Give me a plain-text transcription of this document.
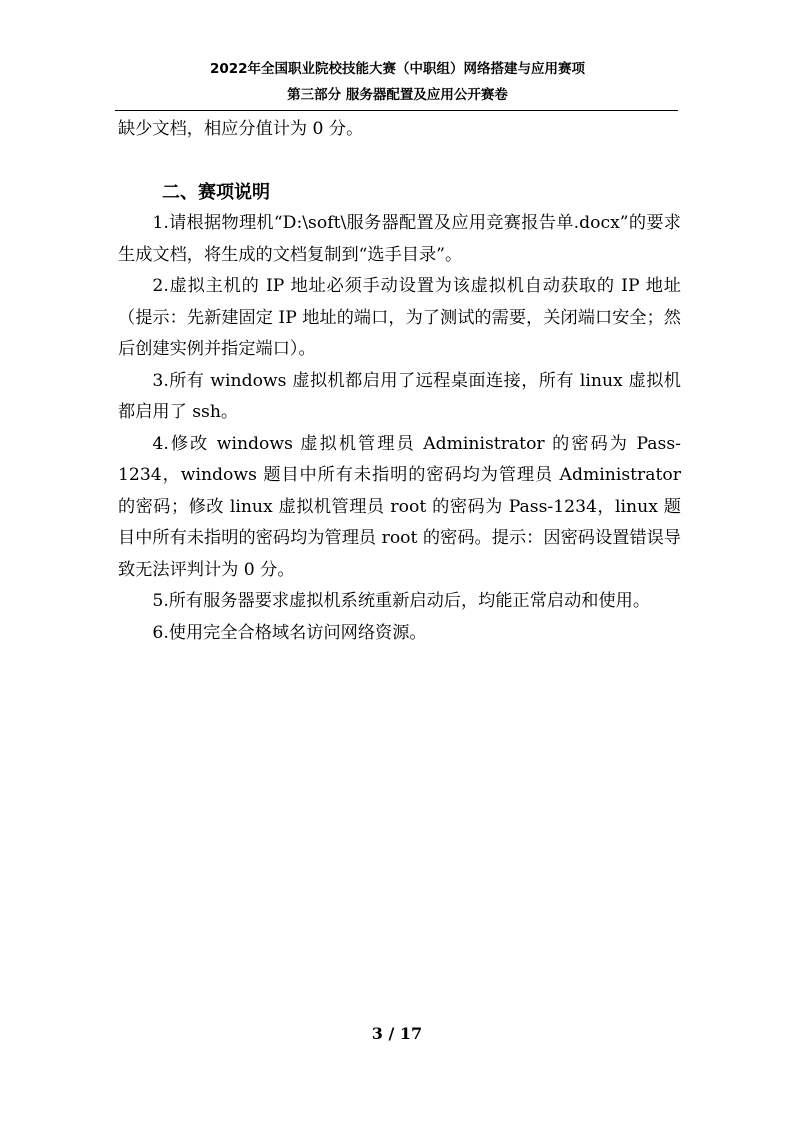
2022年全国职业院校技能大赛（中职组）网络搭建与应用赛项
第三部分 服务器配置及应用公开赛卷

缺少文档，相应分值计为 0 分。

二、赛项说明

1.请根据物理机“D:\soft\服务器配置及应用竞赛报告单.docx”的要求生成文档，将生成的文档复制到“选手目录”。

2.虚拟主机的 IP 地址必须手动设置为该虚拟机自动获取的 IP 地址（提示：先新建固定 IP 地址的端口，为了测试的需要，关闭端口安全；然后创建实例并指定端口）。

3.所有 windows 虚拟机都启用了远程桌面连接，所有 linux 虚拟机都启用了 ssh。

4.修改 windows 虚拟机管理员 Administrator 的密码为 Pass-1234，windows 题目中所有未指明的密码均为管理员 Administrator 的密码；修改 linux 虚拟机管理员 root 的密码为 Pass-1234，linux 题目中所有未指明的密码均为管理员 root 的密码。提示：因密码设置错误导致无法评判计为 0 分。

5.所有服务器要求虚拟机系统重新启动后，均能正常启动和使用。

6.使用完全合格域名访问网络资源。

3 / 17
